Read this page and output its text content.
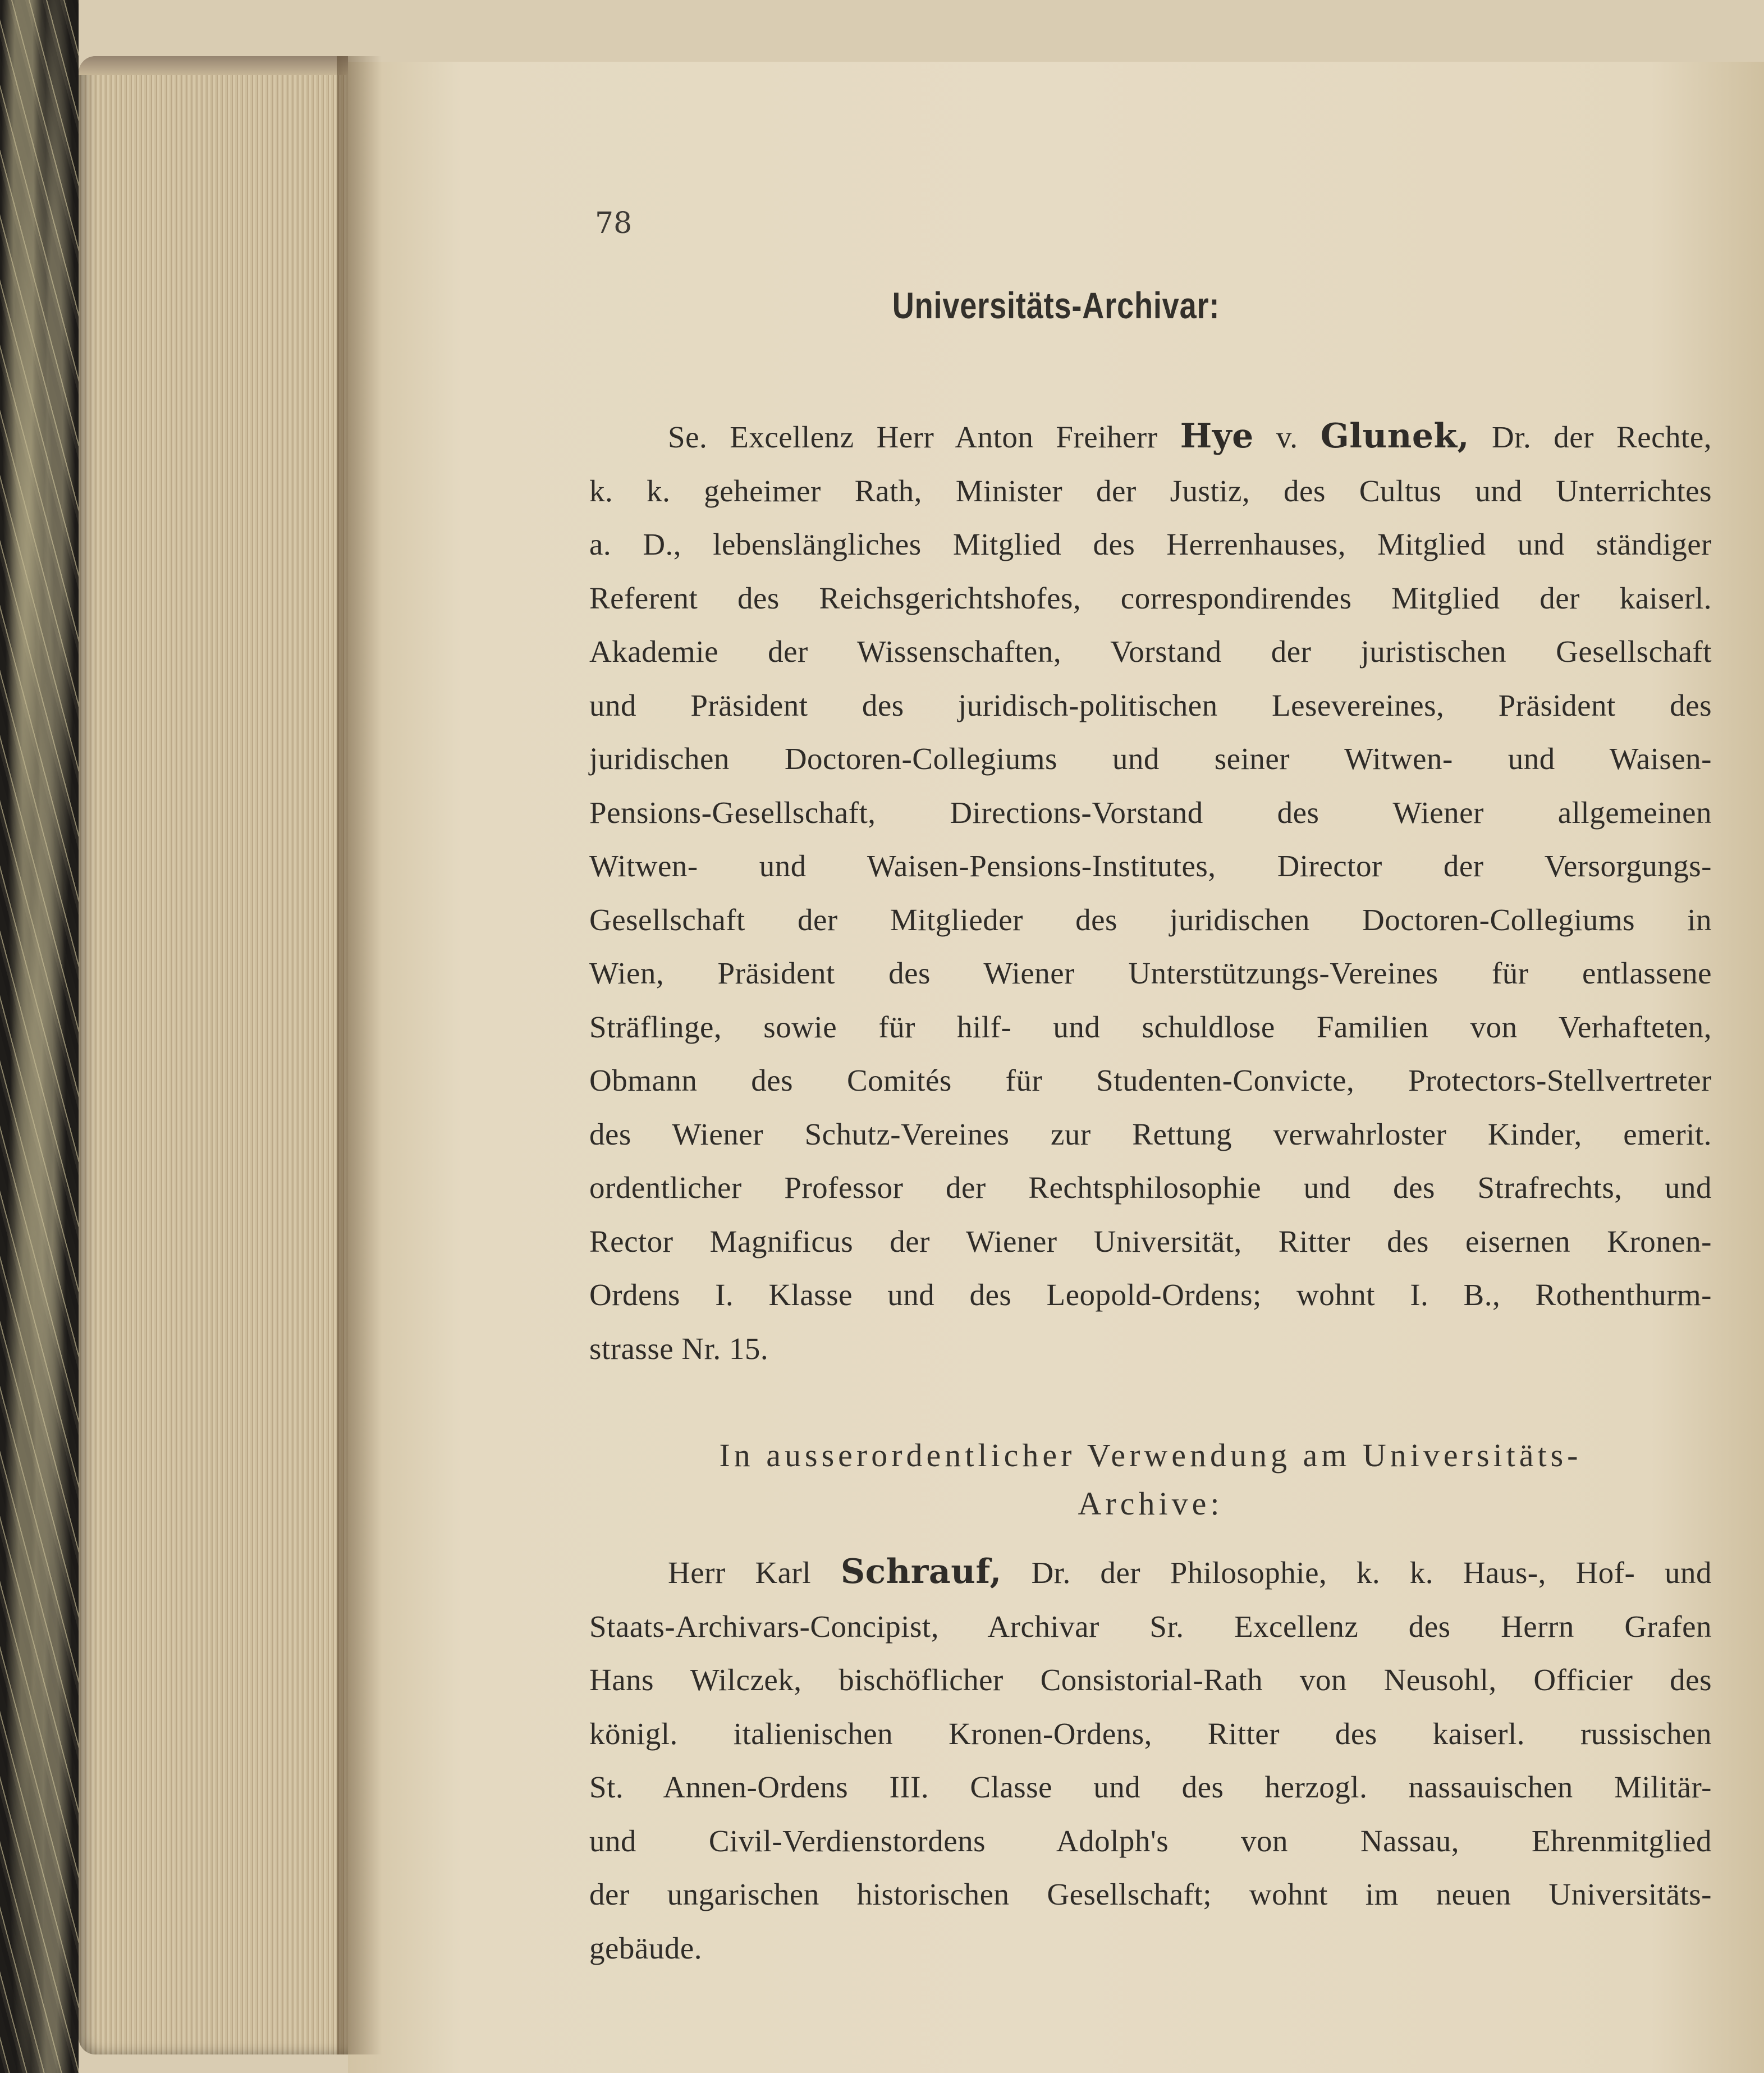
78

Universitäts-Archivar:
Se. Excellenz Herr Anton Freiherr Hye v. Glunek, Dr. der Rechte,
k. k. geheimer Rath, Minister der Justiz, des Cultus und Unterrichtes
a. D., lebenslängliches Mitglied des Herrenhauses, Mitglied und ständiger
Referent des Reichsgerichtshofes, correspondirendes Mitglied der kaiserl.
Akademie der Wissenschaften, Vorstand der juristischen Gesellschaft
und Präsident des juridisch-politischen Lesevereines, Präsident des
juridischen Doctoren-Collegiums und seiner Witwen- und Waisen-
Pensions-Gesellschaft, Directions-Vorstand des Wiener allgemeinen
Witwen- und Waisen-Pensions-Institutes, Director der Versorgungs-
Gesellschaft der Mitglieder des juridischen Doctoren-Collegiums in
Wien, Präsident des Wiener Unterstützungs-Vereines für entlassene
Sträflinge, sowie für hilf- und schuldlose Familien von Verhafteten,
Obmann des Comités für Studenten-Convicte, Protectors-Stellvertreter
des Wiener Schutz-Vereines zur Rettung verwahrloster Kinder, emerit.
ordentlicher Professor der Rechtsphilosophie und des Strafrechts, und
Rector Magnificus der Wiener Universität, Ritter des eisernen Kronen-
Ordens I. Klasse und des Leopold-Ordens; wohnt I. B., Rothenthurm-
strasse Nr. 15.
In ausserordentlicher Verwendung am Universitäts-
Archive:
Herr Karl Schrauf, Dr. der Philosophie, k. k. Haus-, Hof- und
Staats-Archivars-Concipist, Archivar Sr. Excellenz des Herrn Grafen
Hans Wilczek, bischöflicher Consistorial-Rath von Neusohl, Officier des
königl. italienischen Kronen-Ordens, Ritter des kaiserl. russischen
St. Annen-Ordens III. Classe und des herzogl. nassauischen Militär-
und Civil-Verdienstordens Adolph's von Nassau, Ehrenmitglied
der ungarischen historischen Gesellschaft; wohnt im neuen Universitäts-
gebäude.
